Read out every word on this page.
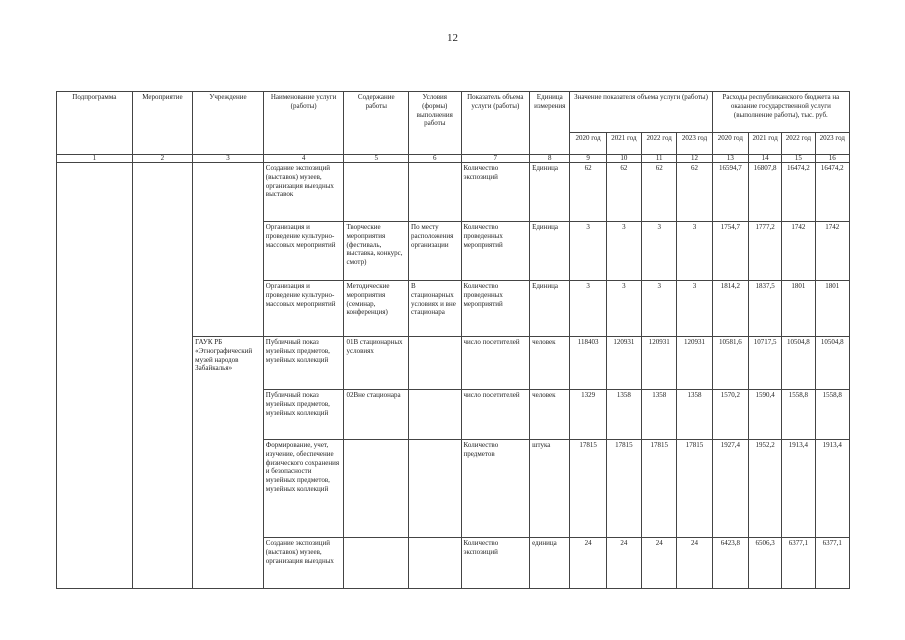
12
Подпрограмма	Мероприятие	Учреждение	Наименование услуги (работы)	Содержание работы	Условия (формы) выполнения работы	Показатель объема услуги (работы)	Единица измерения	Значение показателя объема услуги (работы)				Расходы республиканского бюджета на оказание государственной услуги (выполнение работы), тыс. руб.			
								2020 год	2021 год	2022 год	2023 год	2020 год	2021 год	2022 год	2023 год
1	2	3	4	5	6	7	8	9	10	11	12	13	14	15	16
			Создание экспозиций (выставок) музеев, организация выездных выставок			Количество экспозиций	Единица	62	62	62	62	16594,7	16807,8	16474,2	16474,2
			Организация и проведение культурно-массовых мероприятий	Творческие мероприятия (фестиваль, выставка, конкурс, смотр)	По месту расположения организации	Количество проведенных мероприятий	Единица	3	3	3	3	1754,7	1777,2	1742	1742
			Организация и проведение культурно-массовых мероприятий	Методические мероприятия (семинар, конференция)	В стационарных условиях и вне стационара	Количество проведенных мероприятий	Единица	3	3	3	3	1814,2	1837,5	1801	1801
		ГАУК РБ «Этнографический музей народов Забайкалья»	Публичный показ музейных предметов, музейных коллекций	01В стационарных условиях		число посетителей	человек	118403	120931	120931	120931	10581,6	10717,5	10504,8	10504,8
			Публичный показ музейных предметов, музейных коллекций	02Вне стационара		число посетителей	человек	1329	1358	1358	1358	1570,2	1590,4	1558,8	1558,8
			Формирование, учет, изучение, обеспечение физического сохранения и безопасности музейных предметов, музейных коллекций			Количество предметов	штука	17815	17815	17815	17815	1927,4	1952,2	1913,4	1913,4
			Создание экспозиций (выставок) музеев, организация выездных			Количество экспозиций	единица	24	24	24	24	6423,8	6506,3	6377,1	6377,1
